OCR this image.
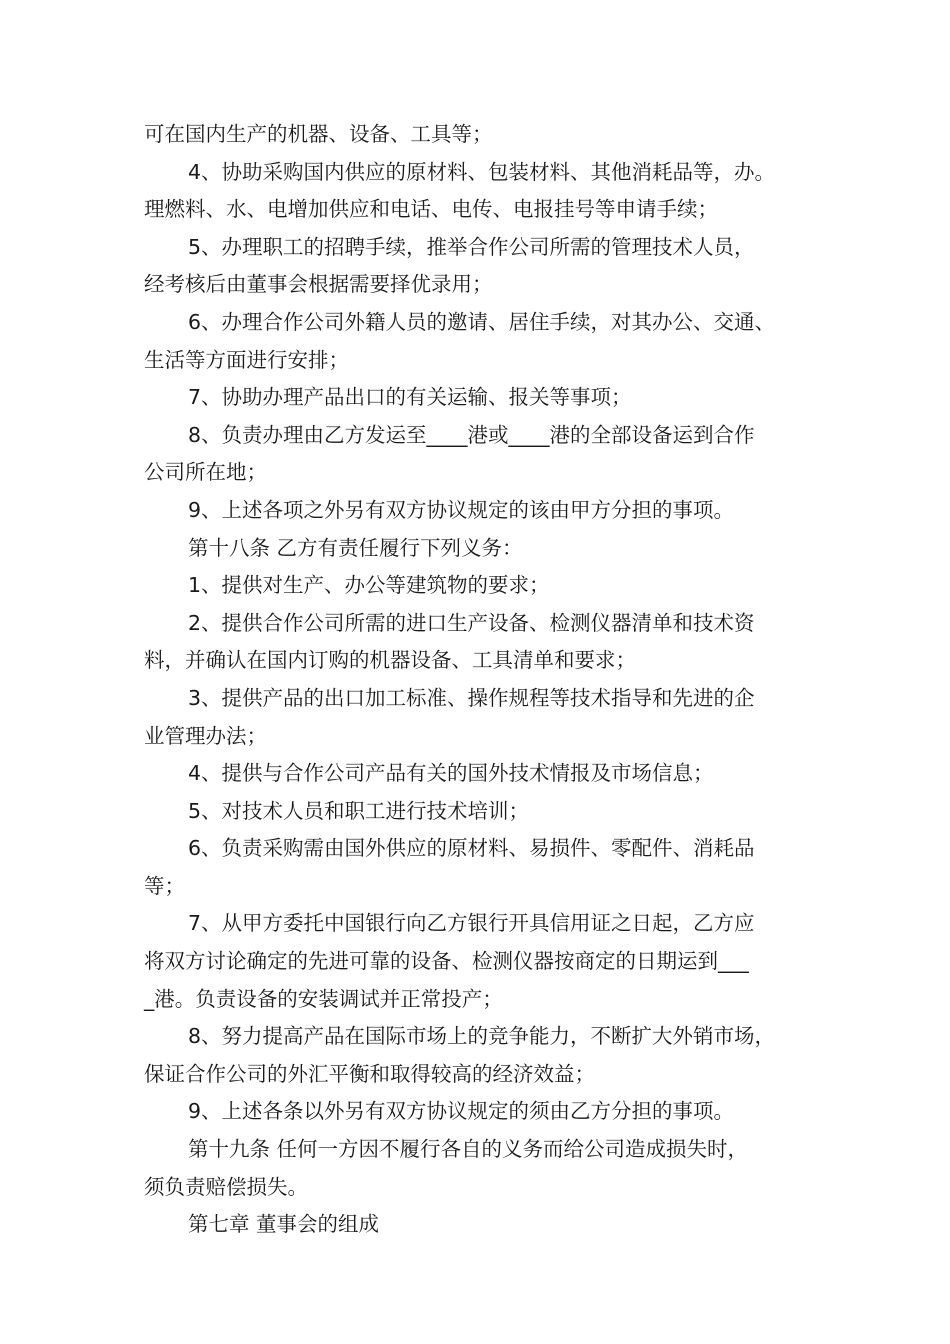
可在国内生产的机器、设备、工具等；
4、协助采购国内供应的原材料、包装材料、其他消耗品等，办。
理燃料、水、电增加供应和电话、电传、电报挂号等申请手续；
5、办理职工的招聘手续，推举合作公司所需的管理技术人员，
经考核后由董事会根据需要择优录用；
6、办理合作公司外籍人员的邀请、居住手续，对其办公、交通、
生活等方面进行安排；
7、协助办理产品出口的有关运输、报关等事项；
8、负责办理由乙方发运至____港或____港的全部设备运到合作
公司所在地；
9、上述各项之外另有双方协议规定的该由甲方分担的事项。
第十八条 乙方有责任履行下列义务：
1、提供对生产、办公等建筑物的要求；
2、提供合作公司所需的进口生产设备、检测仪器清单和技术资
料，并确认在国内订购的机器设备、工具清单和要求；
3、提供产品的出口加工标准、操作规程等技术指导和先进的企
业管理办法；
4、提供与合作公司产品有关的国外技术情报及市场信息；
5、对技术人员和职工进行技术培训；
6、负责采购需由国外供应的原材料、易损件、零配件、消耗品
等；
7、从甲方委托中国银行向乙方银行开具信用证之日起，乙方应
将双方讨论确定的先进可靠的设备、检测仪器按商定的日期运到___
_港。负责设备的安装调试并正常投产；
8、努力提高产品在国际市场上的竞争能力，不断扩大外销市场，
保证合作公司的外汇平衡和取得较高的经济效益；
9、上述各条以外另有双方协议规定的须由乙方分担的事项。
第十九条 任何一方因不履行各自的义务而给公司造成损失时，
须负责赔偿损失。
第七章 董事会的组成
